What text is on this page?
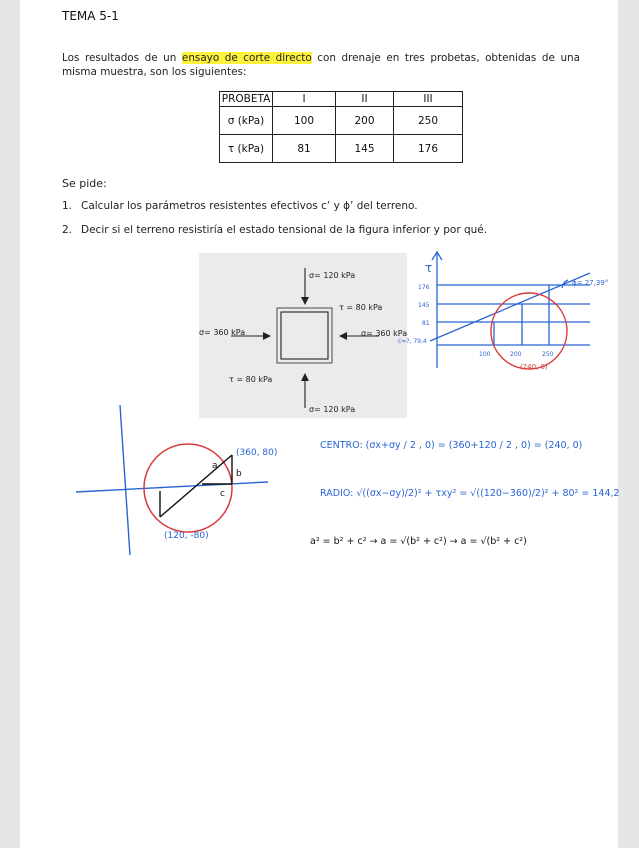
TEMA 5-1
Los resultados de un ensayo de corte directo con drenaje en tres probetas, obtenidas de una misma muestra, son los siguientes:
PROBETA	I	II	III
σ (kPa)	100	200	250
τ (kPa)	81	145	176
Se pide:
1. Calcular los parámetros resistentes efectivos c’ y ϕ’ del terreno.
2. Decir si el terreno resistiría el estado tensional de la figura inferior y por qué.
σ= 120 kPa
τ = 80 kPa
σ= 360 kPa	σ= 360 kPa
τ = 80 kPa
σ= 120 kPa
τ
ϕ= 27,39°
176
145
81
c=?, 79,4
100	200	250
(240, 0)
(360, 80)
(120, -80)
a
b
c
CENTRO: (σx+σy / 2 , 0) = (360+120 / 2 , 0) = (240, 0)
RADIO: √((σx−σy)/2)² + τxy² = √((120−360)/2)² + 80² = 144,2
a² = b² + c² → a = √(b² + c²) → a = √(b² + c²)
